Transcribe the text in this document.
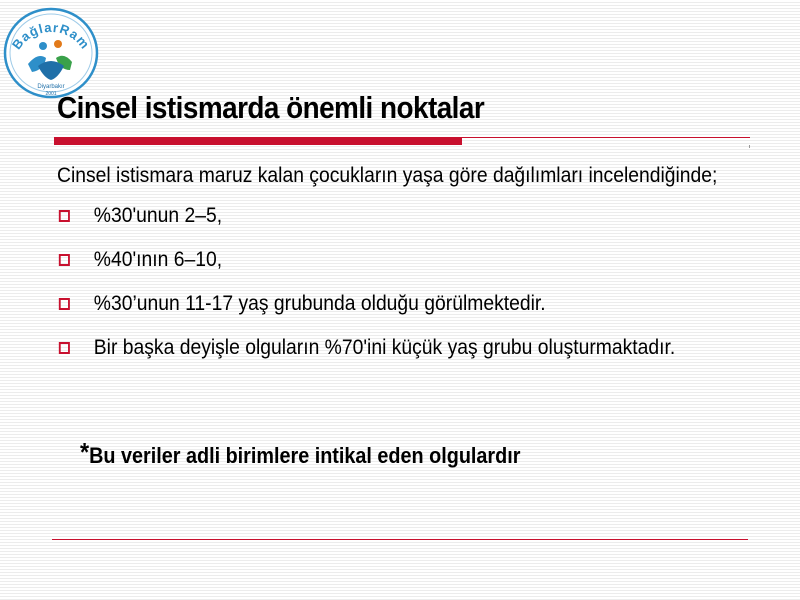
BağlarRam
Diyarbakır
2001 Cinsel istismarda önemli noktalar

Cinsel istismara maruz kalan çocukların yaşa göre dağılımları incelendiğinde;

%30'unun 2–5,
%40'ının 6–10,
%30’unun 11-17 yaş grubunda olduğu görülmektedir.
Bir başka deyişle olguların %70'ini küçük yaş grubu oluşturmaktadır.
*Bu veriler adli birimlere intikal eden olgulardır
